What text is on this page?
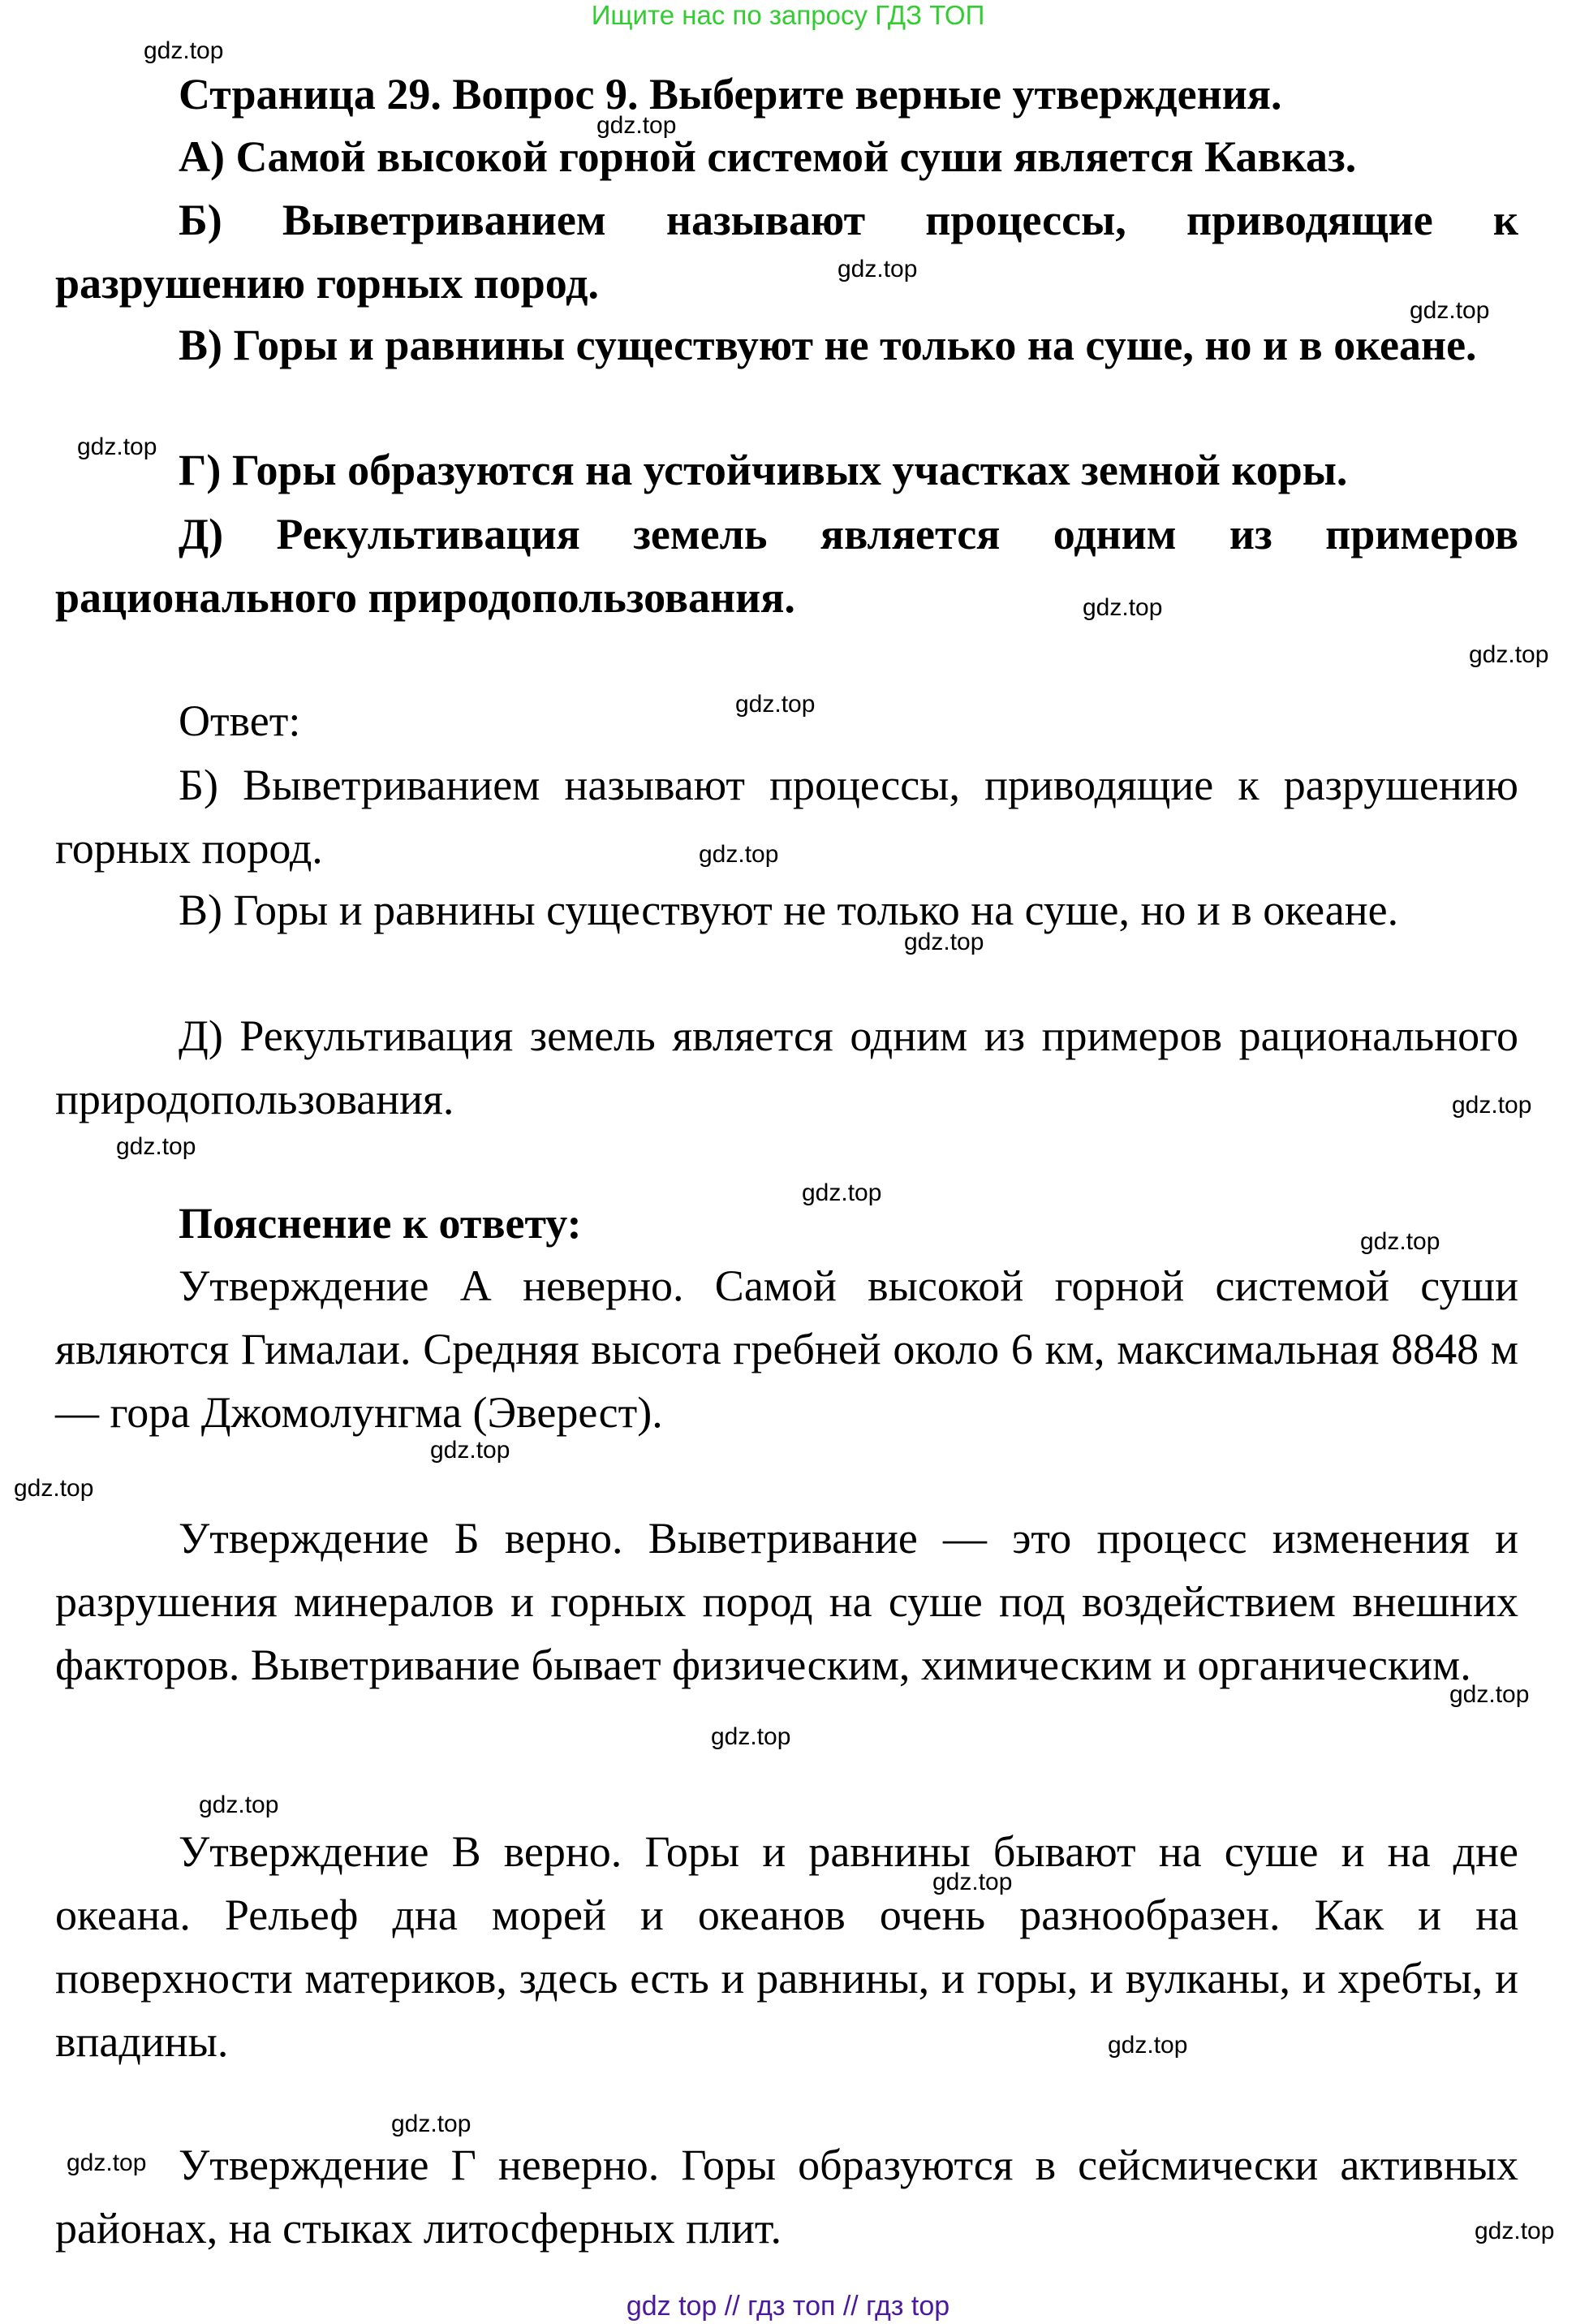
Ищите нас по запросу ГДЗ ТОП

Страница 29. Вопрос 9. Выберите верные утверждения.

А) Самой высокой горной системой суши является Кавказ.

Б) Выветриванием называют процессы, приводящие к разрушению горных пород.

В) Горы и равнины существуют не только на суше, но и в океане.

Г) Горы образуются на устойчивых участках земной коры.

Д) Рекультивация земель является одним из примеров рационального природопользования.

Ответ:

Б) Выветриванием называют процессы, приводящие к разрушению горных пород.

В) Горы и равнины существуют не только на суше, но и в океане.

Д) Рекультивация земель является одним из примеров рационального природопользования.

Пояснение к ответу:

Утверждение А неверно. Самой высокой горной системой суши являются Гималаи. Средняя высота гребней около 6 км, максимальная 8848 м — гора Джомолунгма (Эверест).

Утверждение Б верно. Выветривание — это процесс изменения и разрушения минералов и горных пород на суше под воздействием внешних факторов. Выветривание бывает физическим, химическим и органическим.

Утверждение В верно. Горы и равнины бывают на суше и на дне океана. Рельеф дна морей и океанов очень разнообразен. Как и на поверхности материков, здесь есть и равнины, и горы, и вулканы, и хребты, и впадины.

Утверждение Г неверно. Горы образуются в сейсмически активных районах, на стыках литосферных плит.

gdz.top
gdz.top
gdz.top
gdz.top
gdz.top
gdz.top
gdz.top
gdz.top
gdz.top
gdz.top
gdz.top
gdz.top
gdz.top
gdz.top
gdz.top
gdz.top
gdz.top
gdz.top
gdz.top
gdz.top
gdz.top
gdz.top
gdz.top
gdz.top
gdz top // гдз топ // гдз top
